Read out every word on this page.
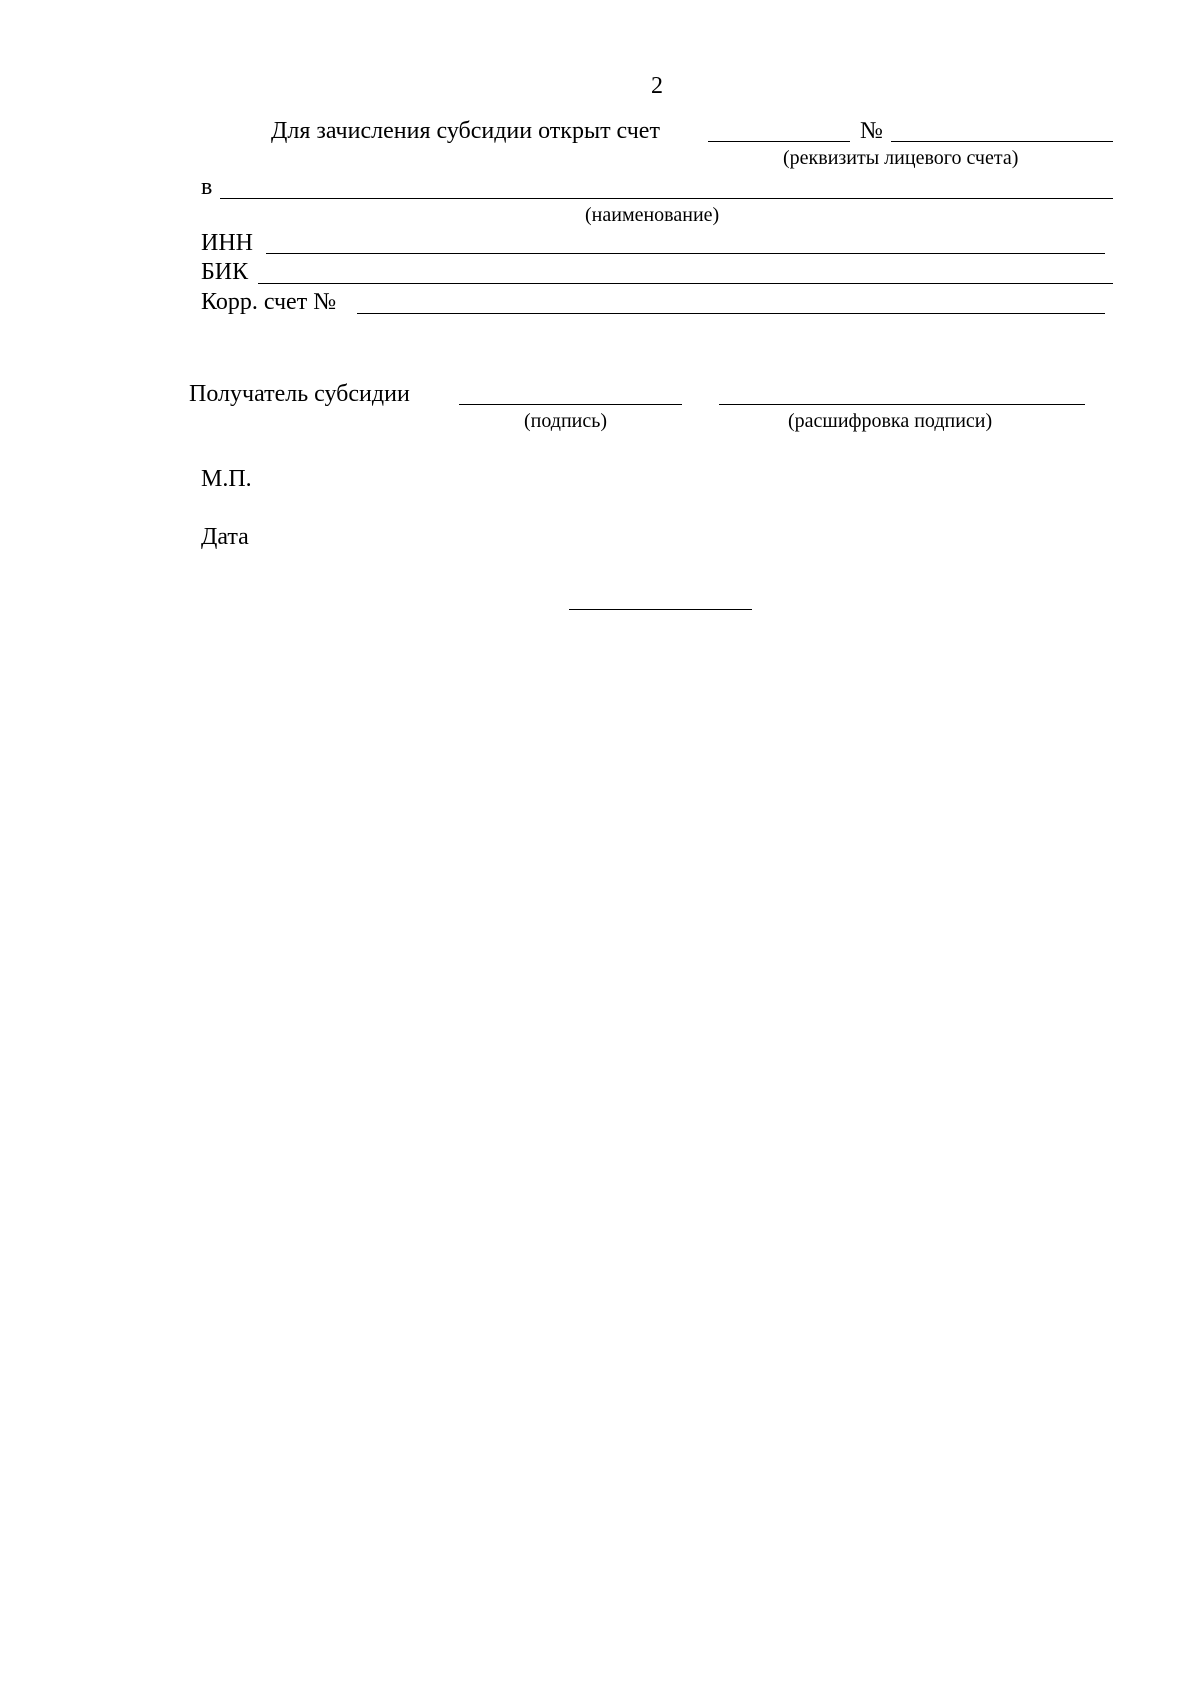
2
Для зачисления субсидии открыт счет	№
(реквизиты лицевого счета)
в
(наименование)
ИНН
БИК
Корр. счет №
Получатель субсидии
(подпись)	(расшифровка подписи)
М.П.
Дата
